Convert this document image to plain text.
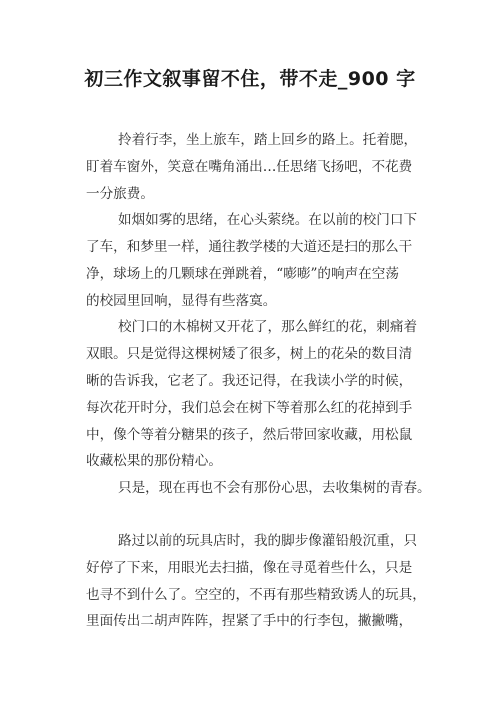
初三作文叙事留不住，带不走_900 字
拎着行李，坐上旅车，踏上回乡的路上。托着腮，
盯着车窗外，笑意在嘴角涌出…任思绪飞扬吧，不花费
一分旅费。
如烟如雾的思绪，在心头萦绕。在以前的校门口下
了车，和梦里一样，通往教学楼的大道还是扫的那么干
净，球场上的几颗球在弹跳着，“嘭嘭”的响声在空荡
的校园里回响，显得有些落寞。
校门口的木棉树又开花了，那么鲜红的花，刺痛着
双眼。只是觉得这棵树矮了很多，树上的花朵的数目清
晰的告诉我，它老了。我还记得，在我读小学的时候，
每次花开时分，我们总会在树下等着那么红的花掉到手
中，像个等着分糖果的孩子，然后带回家收藏，用松鼠
收藏松果的那份精心。
只是，现在再也不会有那份心思，去收集树的青春。
路过以前的玩具店时，我的脚步像灌铅般沉重，只
好停了下来，用眼光去扫描，像在寻觅着些什么，只是
也寻不到什么了。空空的，不再有那些精致诱人的玩具，
里面传出二胡声阵阵，捏紧了手中的行李包，撇撇嘴，
